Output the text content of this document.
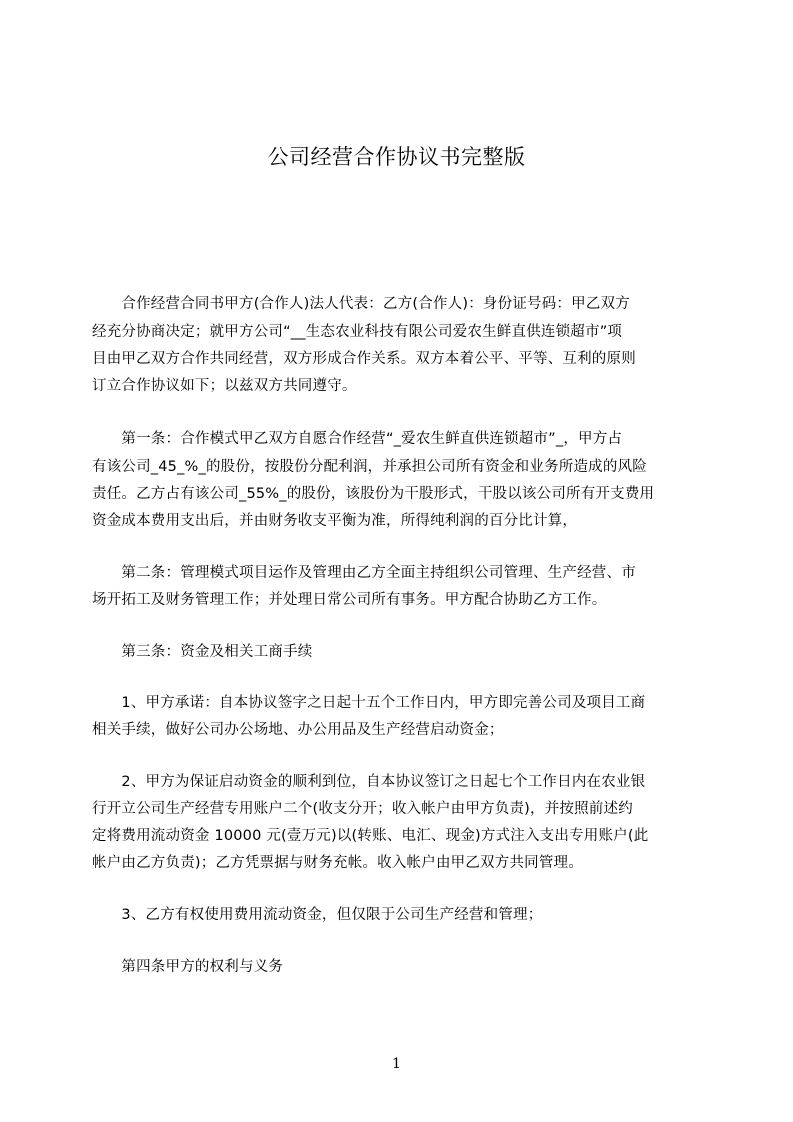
公司经营合作协议书完整版
　　合作经营合同书甲方(合作人)法人代表：乙方(合作人)：身份证号码：甲乙双方
经充分协商决定；就甲方公司“__生态农业科技有限公司爱农生鲜直供连锁超市”项
目由甲乙双方合作共同经营，双方形成合作关系。双方本着公平、平等、互利的原则
订立合作协议如下；以兹双方共同遵守。
　　第一条：合作模式甲乙双方自愿合作经营“_爱农生鲜直供连锁超市”_，甲方占
有该公司_45_%_的股份，按股份分配利润，并承担公司所有资金和业务所造成的风险
责任。乙方占有该公司_55%_的股份，该股份为干股形式，干股以该公司所有开支费用
资金成本费用支出后，并由财务收支平衡为准，所得纯利润的百分比计算，
　　第二条：管理模式项目运作及管理由乙方全面主持组织公司管理、生产经营、市
场开拓工及财务管理工作；并处理日常公司所有事务。甲方配合协助乙方工作。
　　第三条：资金及相关工商手续
　　1、甲方承诺：自本协议签字之日起十五个工作日内，甲方即完善公司及项目工商
相关手续，做好公司办公场地、办公用品及生产经营启动资金；
　　2、甲方为保证启动资金的顺利到位，自本协议签订之日起七个工作日内在农业银
行开立公司生产经营专用账户二个(收支分开；收入帐户由甲方负责)，并按照前述约
定将费用流动资金 10000 元(壹万元)以(转账、电汇、现金)方式注入支出专用账户(此
帐户由乙方负责)；乙方凭票据与财务充帐。收入帐户由甲乙双方共同管理。
　　3、乙方有权使用费用流动资金，但仅限于公司生产经营和管理；
　　第四条甲方的权利与义务
1
